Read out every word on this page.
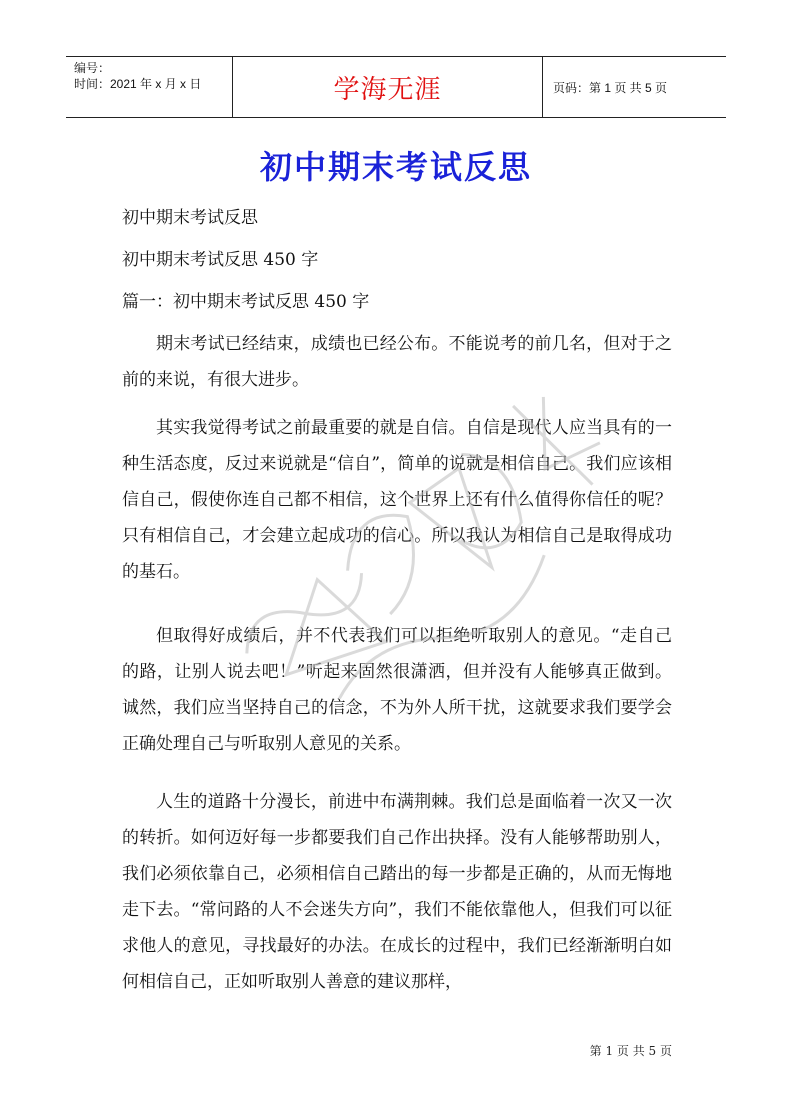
编号：
时间：2021 年 x 月 x 日	学海无涯	页码：第 1 页 共 5 页
初中期末考试反思
初中期末考试反思
初中期末考试反思 450 字
篇一：初中期末考试反思 450 字
期末考试已经结束，成绩也已经公布。不能说考的前几名，但对于之前的来说，有很大进步。
其实我觉得考试之前最重要的就是自信。自信是现代人应当具有的一种生活态度，反过来说就是“信自”，简单的说就是相信自己。我们应该相信自己，假使你连自己都不相信，这个世界上还有什么值得你信任的呢？只有相信自己，才会建立起成功的信心。所以我认为相信自己是取得成功的基石。
但取得好成绩后，并不代表我们可以拒绝听取别人的意见。“走自己的路，让别人说去吧！”听起来固然很潇洒，但并没有人能够真正做到。诚然，我们应当坚持自己的信念，不为外人所干扰，这就要求我们要学会正确处理自己与听取别人意见的关系。
人生的道路十分漫长，前进中布满荆棘。我们总是面临着一次又一次的转折。如何迈好每一步都要我们自己作出抉择。没有人能够帮助别人，我们必须依靠自己，必须相信自己踏出的每一步都是正确的，从而无悔地走下去。“常问路的人不会迷失方向”，我们不能依靠他人，但我们可以征求他人的意见，寻找最好的办法。在成长的过程中，我们已经渐渐明白如何相信自己，正如听取别人善意的建议那样，
第 1 页 共 5 页
